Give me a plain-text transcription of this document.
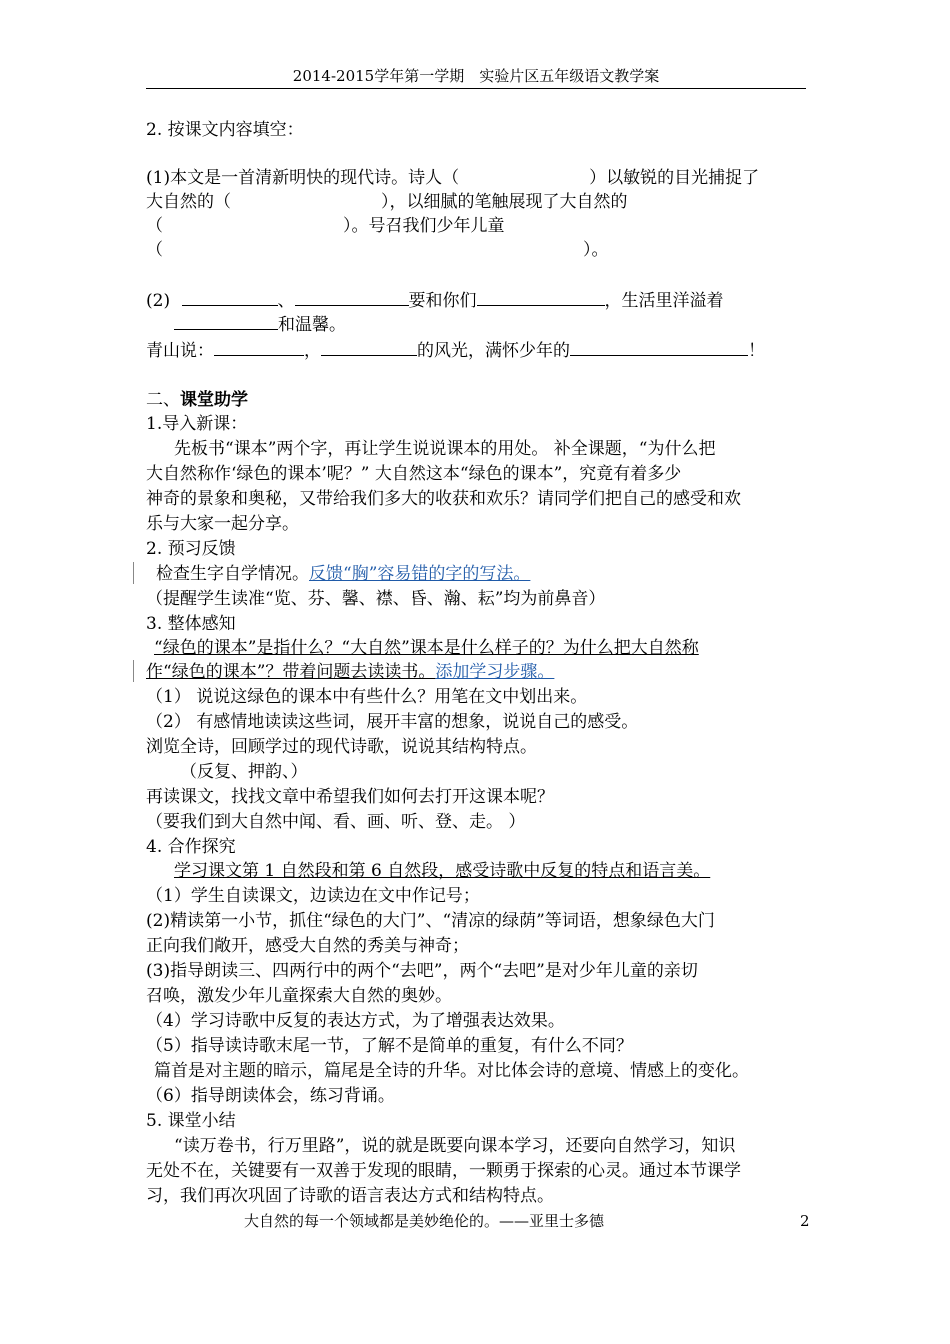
2014-2015学年第一学期　实验片区五年级语文教学案
2. 按课文内容填空：
(1)本文是一首清新明快的现代诗。诗人（	）以敏锐的目光捕捉了
大自然的（	），以细腻的笔触展现了大自然的
（	）。号召我们少年儿童
（	）。
(2)	、	要和你们	，生活里洋溢着
和温馨。
青山说：	，	的风光，满怀少年的	！
二、课堂助学
1.导入新课：
先板书“课本”两个字，再让学生说说课本的用处。 补全课题，“为什么把
大自然称作‘绿色的课本’呢？” 大自然这本“绿色的课本”，究竟有着多少
神奇的景象和奥秘，又带给我们多大的收获和欢乐？请同学们把自己的感受和欢
乐与大家一起分享。
2. 预习反馈
检查生字自学情况。反馈“胸”容易错的字的写法。
（提醒学生读准“览、芬、馨、襟、昏、瀚、耘”均为前鼻音）
3. 整体感知
“绿色的课本”是指什么？“大自然”课本是什么样子的？为什么把大自然称
作“绿色的课本”？带着问题去读读书。添加学习步骤。
（1） 说说这绿色的课本中有些什么？用笔在文中划出来。
（2） 有感情地读读这些词，展开丰富的想象，说说自己的感受。
浏览全诗，回顾学过的现代诗歌，说说其结构特点。
（反复、押韵、）
再读课文，找找文章中希望我们如何去打开这课本呢？
（要我们到大自然中闻、看、画、听、登、走。 ）
4. 合作探究
学习课文第 1 自然段和第 6 自然段，感受诗歌中反复的特点和语言美。
（1）学生自读课文，边读边在文中作记号；
(2)精读第一小节，抓住“绿色的大门”、“清凉的绿荫”等词语，想象绿色大门
正向我们敞开，感受大自然的秀美与神奇；
(3)指导朗读三、四两行中的两个“去吧”，两个“去吧”是对少年儿童的亲切
召唤，激发少年儿童探索大自然的奥妙。
（4）学习诗歌中反复的表达方式，为了增强表达效果。
（5）指导读诗歌末尾一节，了解不是简单的重复，有什么不同？
篇首是对主题的暗示，篇尾是全诗的升华。对比体会诗的意境、情感上的变化。
（6）指导朗读体会，练习背诵。
5. 课堂小结
“读万卷书，行万里路”，说的就是既要向课本学习，还要向自然学习，知识
无处不在，关键要有一双善于发现的眼睛，一颗勇于探索的心灵。通过本节课学
习，我们再次巩固了诗歌的语言表达方式和结构特点。
大自然的每一个领域都是美妙绝伦的。——亚里士多德	2
